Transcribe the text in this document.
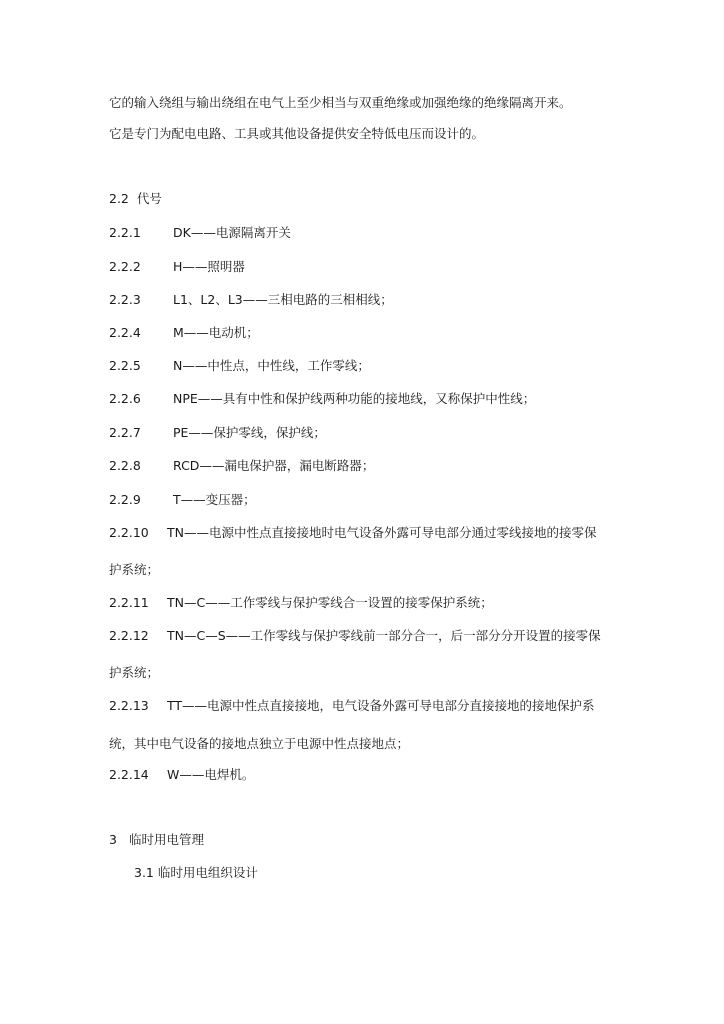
它的输入绕组与输出绕组在电气上至少相当与双重绝缘或加强绝缘的绝缘隔离开来。
它是专门为配电电路、工具或其他设备提供安全特低电压而设计的。
2.2 代号
2.2.1	DK——电源隔离开关
2.2.2	H——照明器
2.2.3	L1、L2、L3——三相电路的三相相线；
2.2.4	M——电动机；
2.2.5	N——中性点，中性线，工作零线；
2.2.6	NPE——具有中性和保护线两种功能的接地线，又称保护中性线；
2.2.7	PE——保护零线，保护线；
2.2.8	RCD——漏电保护器，漏电断路器；
2.2.9	T——变压器；
2.2.10 TN——电源中性点直接接地时电气设备外露可导电部分通过零线接地的接零保
护系统；
2.2.11 TN—C——工作零线与保护零线合一设置的接零保护系统；
2.2.12 TN—C—S——工作零线与保护零线前一部分合一，后一部分分开设置的接零保
护系统；
2.2.13 TT——电源中性点直接接地，电气设备外露可导电部分直接接地的接地保护系
统，其中电气设备的接地点独立于电源中性点接地点；
2.2.14 W——电焊机。
3 临时用电管理
3.1 临时用电组织设计
